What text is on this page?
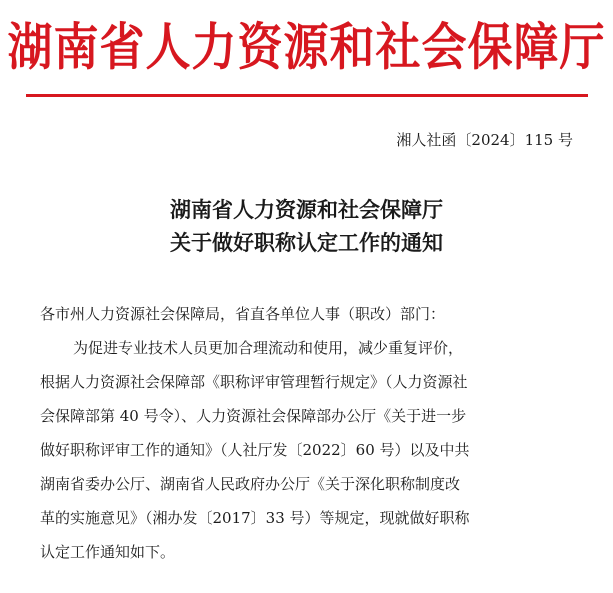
湖南省人力资源和社会保障厅
湘人社函〔2024〕115 号
湖南省人力资源和社会保障厅
关于做好职称认定工作的通知
各市州人力资源社会保障局，省直各单位人事（职改）部门：
为促进专业技术人员更加合理流动和使用，减少重复评价，
根据人力资源社会保障部《职称评审管理暂行规定》（人力资源社
会保障部第 40 号令）、人力资源社会保障部办公厅《关于进一步
做好职称评审工作的通知》（人社厅发〔2022〕60 号）以及中共
湖南省委办公厅、湖南省人民政府办公厅《关于深化职称制度改
革的实施意见》（湘办发〔2017〕33 号）等规定，现就做好职称
认定工作通知如下。
